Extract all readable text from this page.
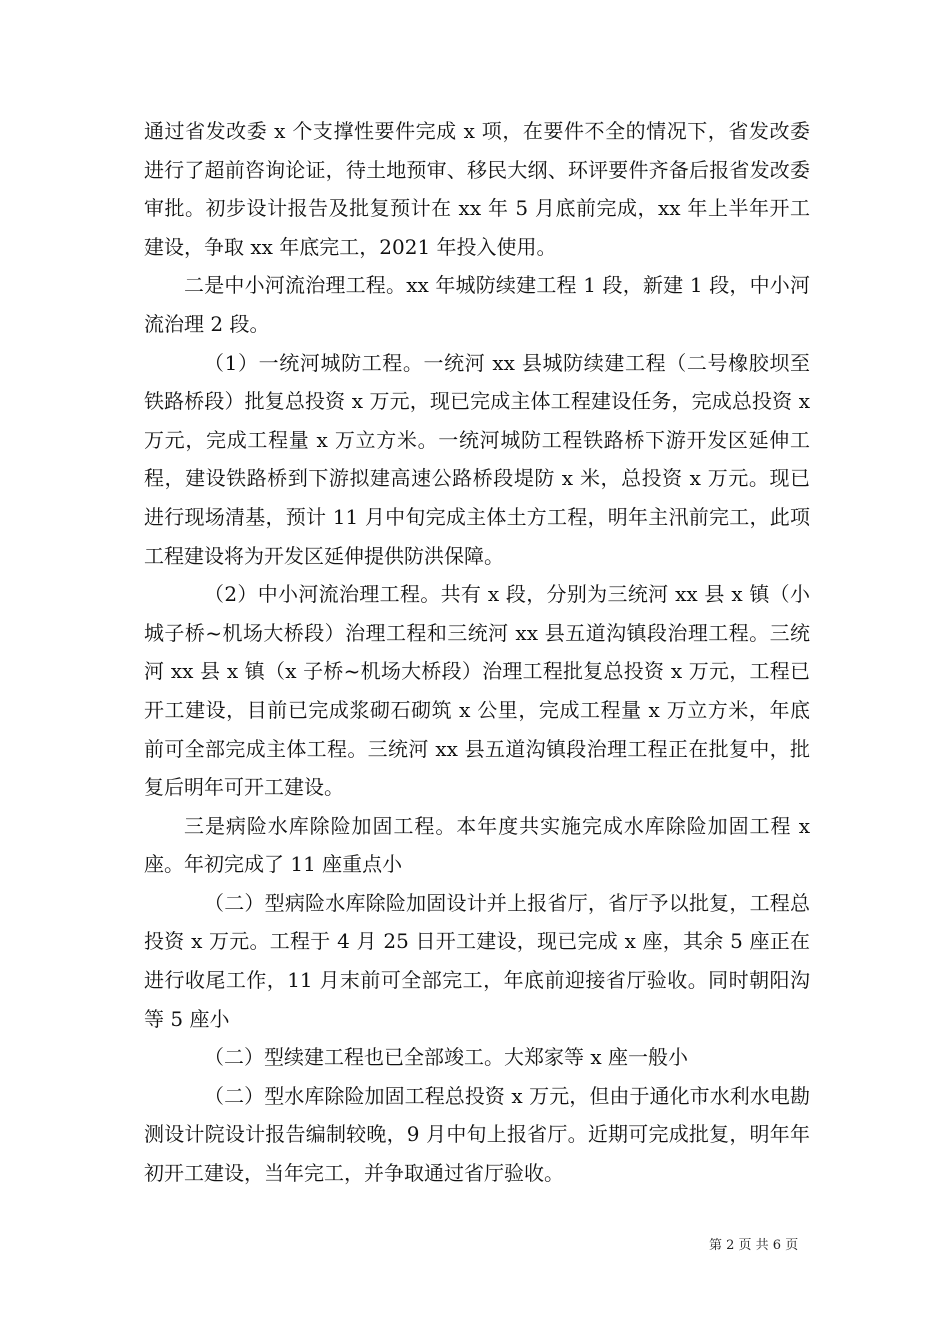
通过省发改委 x 个支撑性要件完成 x 项，在要件不全的情况下，省发改委进行了超前咨询论证，待土地预审、移民大纲、环评要件齐备后报省发改委审批。初步设计报告及批复预计在 xx 年 5 月底前完成，xx 年上半年开工建设，争取 xx 年底完工，2021 年投入使用。

二是中小河流治理工程。xx 年城防续建工程 1 段，新建 1 段，中小河流治理 2 段。

（1）一统河城防工程。一统河 xx 县城防续建工程（二号橡胶坝至铁路桥段）批复总投资 x 万元，现已完成主体工程建设任务，完成总投资 x 万元，完成工程量 x 万立方米。一统河城防工程铁路桥下游开发区延伸工程，建设铁路桥到下游拟建高速公路桥段堤防 x 米，总投资 x 万元。现已进行现场清基，预计 11 月中旬完成主体土方工程，明年主汛前完工，此项工程建设将为开发区延伸提供防洪保障。

（2）中小河流治理工程。共有 x 段，分别为三统河 xx 县 x 镇（小城子桥~机场大桥段）治理工程和三统河 xx 县五道沟镇段治理工程。三统河 xx 县 x 镇（x 子桥~机场大桥段）治理工程批复总投资 x 万元，工程已开工建设，目前已完成浆砌石砌筑 x 公里，完成工程量 x 万立方米，年底前可全部完成主体工程。三统河 xx 县五道沟镇段治理工程正在批复中，批复后明年可开工建设。

三是病险水库除险加固工程。本年度共实施完成水库除险加固工程 x 座。年初完成了 11 座重点小

（二）型病险水库除险加固设计并上报省厅，省厅予以批复，工程总投资 x 万元。工程于 4 月 25 日开工建设，现已完成 x 座，其余 5 座正在进行收尾工作，11 月末前可全部完工，年底前迎接省厅验收。同时朝阳沟等 5 座小

（二）型续建工程也已全部竣工。大郑家等 x 座一般小

（二）型水库除险加固工程总投资 x 万元，但由于通化市水利水电勘测设计院设计报告编制较晚，9 月中旬上报省厅。近期可完成批复，明年年初开工建设，当年完工，并争取通过省厅验收。

第 2 页 共 6 页
